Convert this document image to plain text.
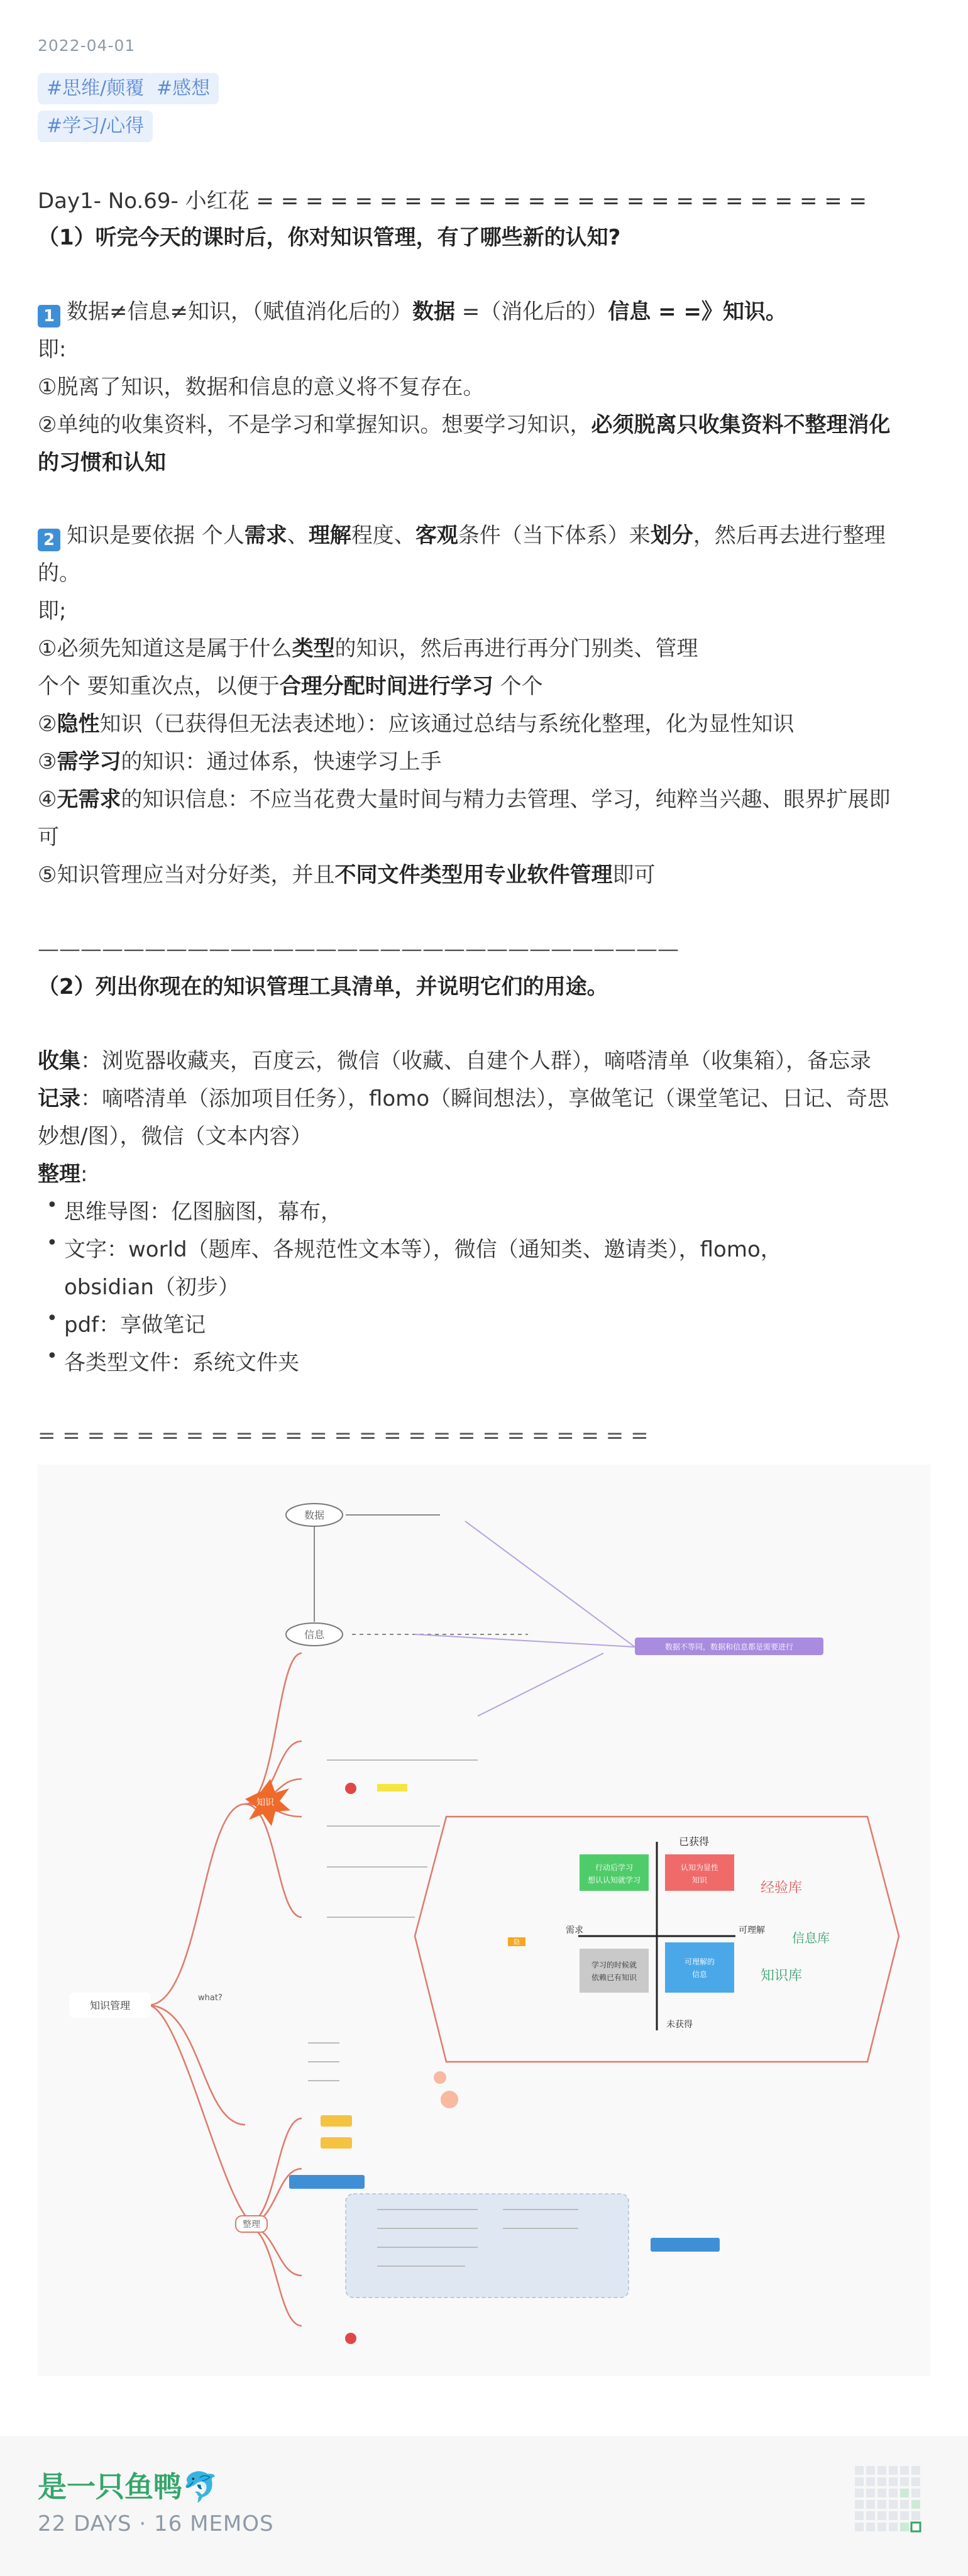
2022-04-01
#思维/颠覆 #感想
#学习/心得
Day1- No.69- 小红花 = = = = = = = = = = = = = = = = = = = = = = = = =
（1）听完今天的课时后，你对知识管理，有了哪些新的认知?
1 数据≠信息≠知识，（赋值消化后的）数据 =（消化后的）信息 = =》知识。
即:
①脱离了知识，数据和信息的意义将不复存在。
②单纯的收集资料，不是学习和掌握知识。想要学习知识，必须脱离只收集资料不整理消化
的习惯和认知
2 知识是要依据 个人需求、理解程度、客观条件（当下体系）来划分，然后再去进行整理
的。
即;
①必须先知道这是属于什么类型的知识，然后再进行再分门别类、管理
个个 要知重次点，以便于合理分配时间进行学习 个个
②隐性知识（已获得但无法表述地）：应该通过总结与系统化整理，化为显性知识
③需学习的知识：通过体系，快速学习上手
④无需求的知识信息：不应当花费大量时间与精力去管理、学习，纯粹当兴趣、眼界扩展即
可
⑤知识管理应当对分好类，并且不同文件类型用专业软件管理即可
——————————————————————————————
（2）列出你现在的知识管理工具清单，并说明它们的用途。
收集：浏览器收藏夹，百度云，微信（收藏、自建个人群），嘀嗒清单（收集箱），备忘录
记录：嘀嗒清单（添加项目任务），flomo（瞬间想法），享做笔记（课堂笔记、日记、奇思
妙想/图），微信（文本内容）
整理:
• 思维导图：亿图脑图，幕布，
• 文字：world（题库、各规范性文本等），微信（通知类、邀请类），flomo，
obsidian（初步）
• pdf：享做笔记
• 各类型文件：系统文件夹
= = = = = = = = = = = = = = = = = = = = = = = = =
数据
信息
知识
知识管理
what?
整理
数据不等同，数据和信息都是需要进行
行动后学习
想认认知就学习
认知为显性
知识
学习的时候就
依赖已有知识
可理解的
信息
已获得
未获得
需求	可理解
经验库
知识库
信息库
隐
是一只鱼鸭🐬
22 DAYS · 16 MEMOS
